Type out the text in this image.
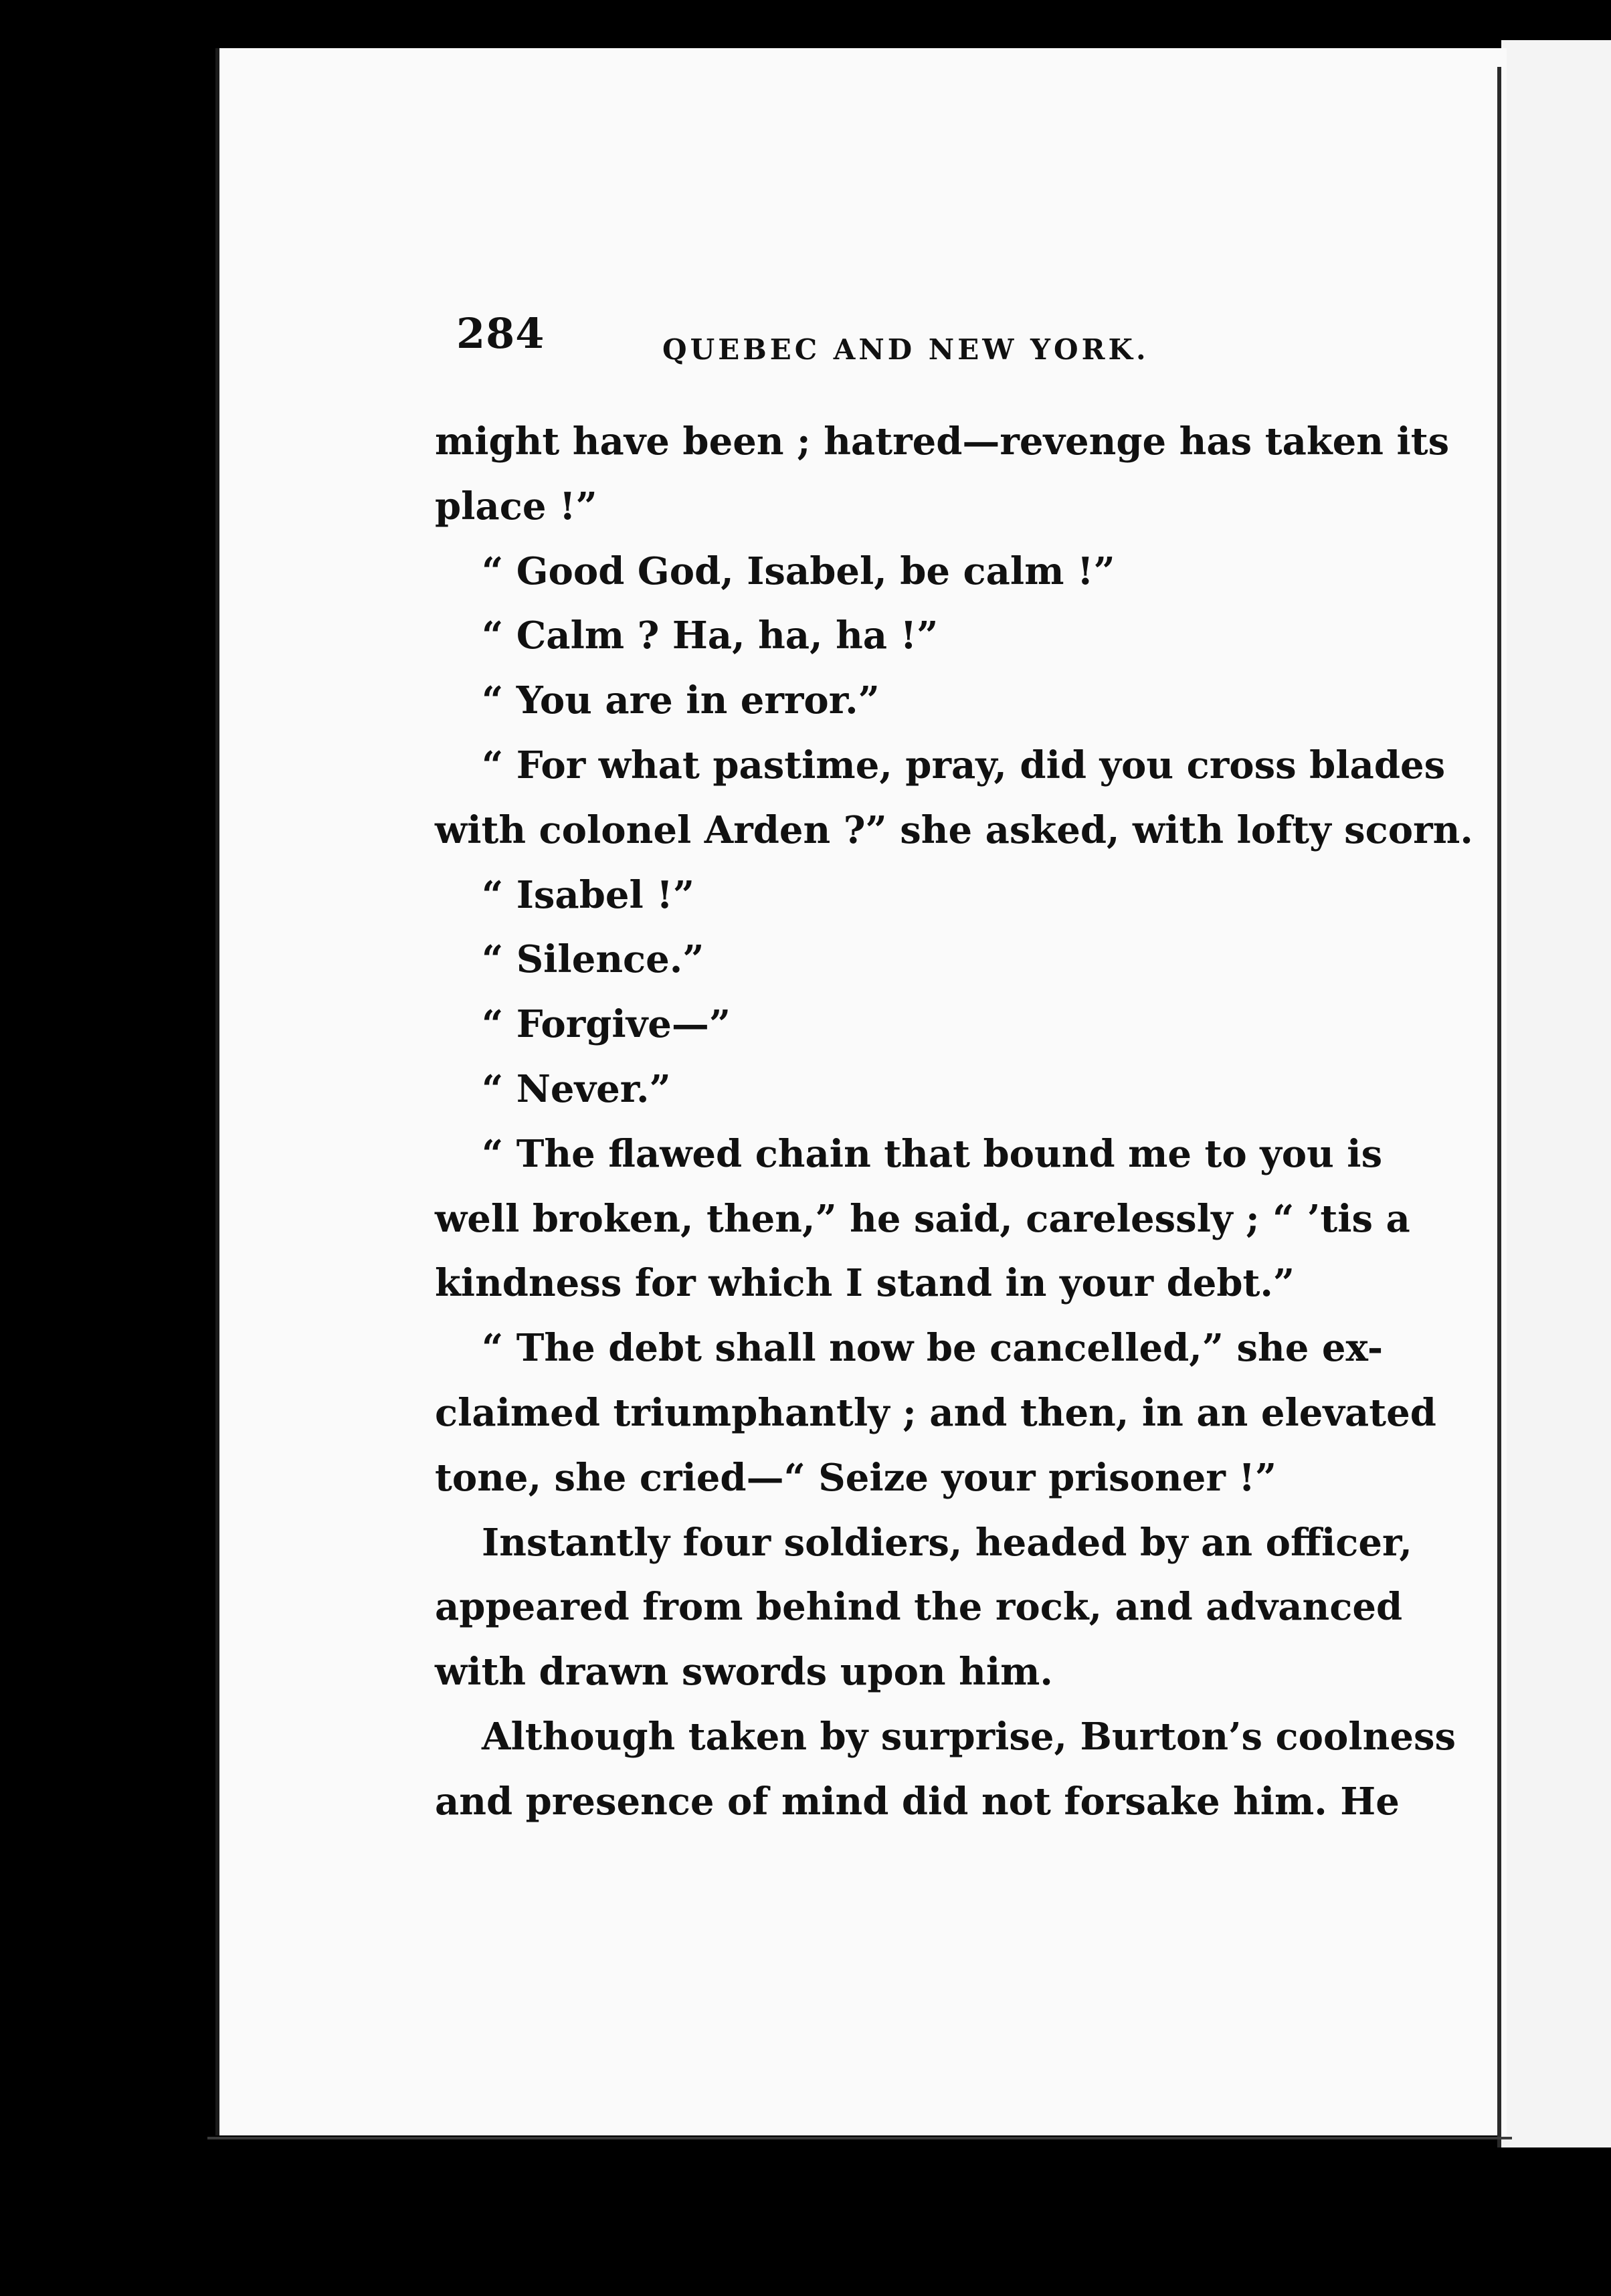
284	QUEBEC AND NEW YORK.
might have been ; hatred—revenge has taken its
place !”
“ Good God, Isabel, be calm !”
“ Calm ? Ha, ha, ha !”
“ You are in error.”
“ For what pastime, pray, did you cross blades
with colonel Arden ?” she asked, with lofty scorn.
“ Isabel !”
“ Silence.”
“ Forgive—”
“ Never.”
“ The flawed chain that bound me to you is
well broken, then,” he said, carelessly ; “ ’tis a
kindness for which I stand in your debt.”
“ The debt shall now be cancelled,” she ex-
claimed triumphantly ; and then, in an elevated
tone, she cried—“ Seize your prisoner !”
Instantly four soldiers, headed by an officer,
appeared from behind the rock, and advanced
with drawn swords upon him.
Although taken by surprise, Burton’s coolness
and presence of mind did not forsake him. He
